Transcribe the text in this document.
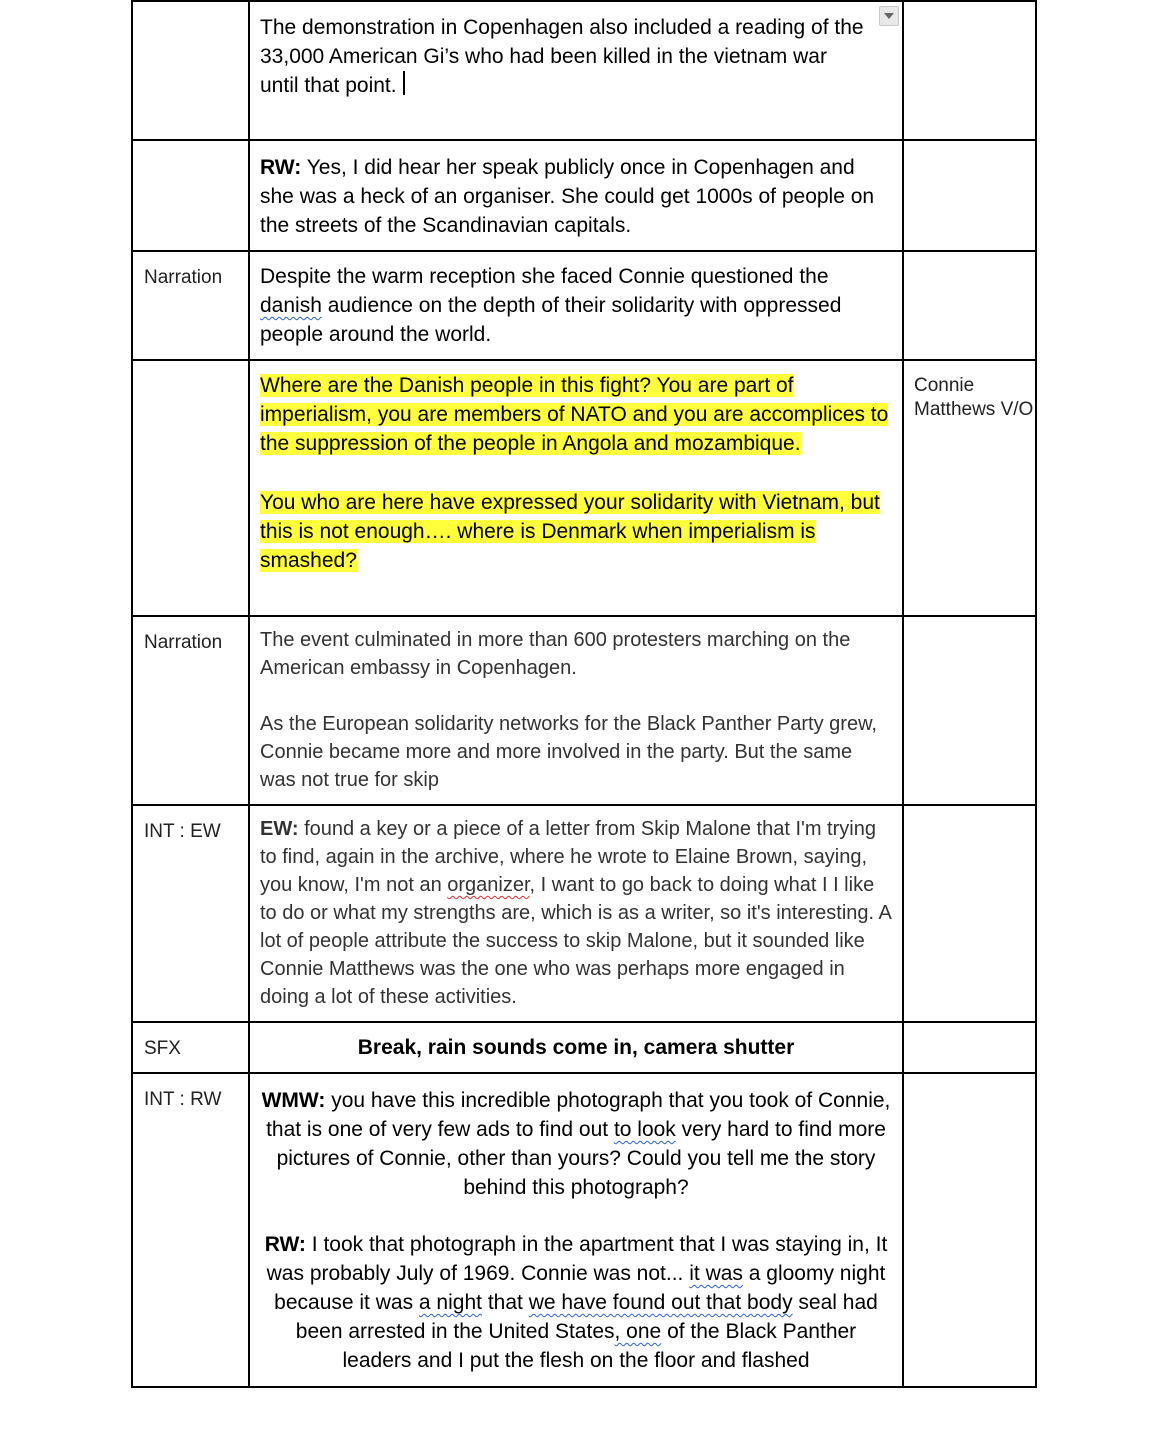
	The demonstration in Copenhagen also included a reading of the

33,000 American Gi’s who had been killed in the vietnam war

until that point.	

	RW: Yes, I did hear her speak publicly once in Copenhagen and she was a heck of an organiser. She could get 1000s of people on the streets of the Scandinavian capitals.	

Narration	Despite the warm reception she faced Connie questioned the danish audience on the depth of their solidarity with oppressed people around the world.	

	Where are the Danish people in this fight? You are part of imperialism, you are members of NATO and you are accomplices to the suppression of the people in Angola and mozambique.

You who are here have expressed your solidarity with Vietnam, but this is not enough…. where is Denmark when imperialism is smashed?	Connie Matthews V/O

Narration	The event culminated in more than 600 protesters marching on the American embassy in Copenhagen.

As the European solidarity networks for the Black Panther Party grew, Connie became more and more involved in the party. But the same was not true for skip	

INT : EW	EW: found a key or a piece of a letter from Skip Malone that I'm trying to find, again in the archive, where he wrote to Elaine Brown, saying, you know, I'm not an organizer, I want to go back to doing what I I like to do or what my strengths are, which is as a writer, so it's interesting. A lot of people attribute the success to skip Malone, but it sounded like Connie Matthews was the one who was perhaps more engaged in doing a lot of these activities.	

SFX	Break, rain sounds come in, camera shutter	

INT : RW	WMW: you have this incredible photograph that you took of Connie, that is one of very few ads to find out to look very hard to find more pictures of Connie, other than yours? Could you tell me the story behind this photograph?

RW: I took that photograph in the apartment that I was staying in, It was probably July of 1969. Connie was not... it was a gloomy night because it was a night that we have found out that body seal had been arrested in the United States, one of the Black Panther leaders and I put the flesh on the floor and flashed	
